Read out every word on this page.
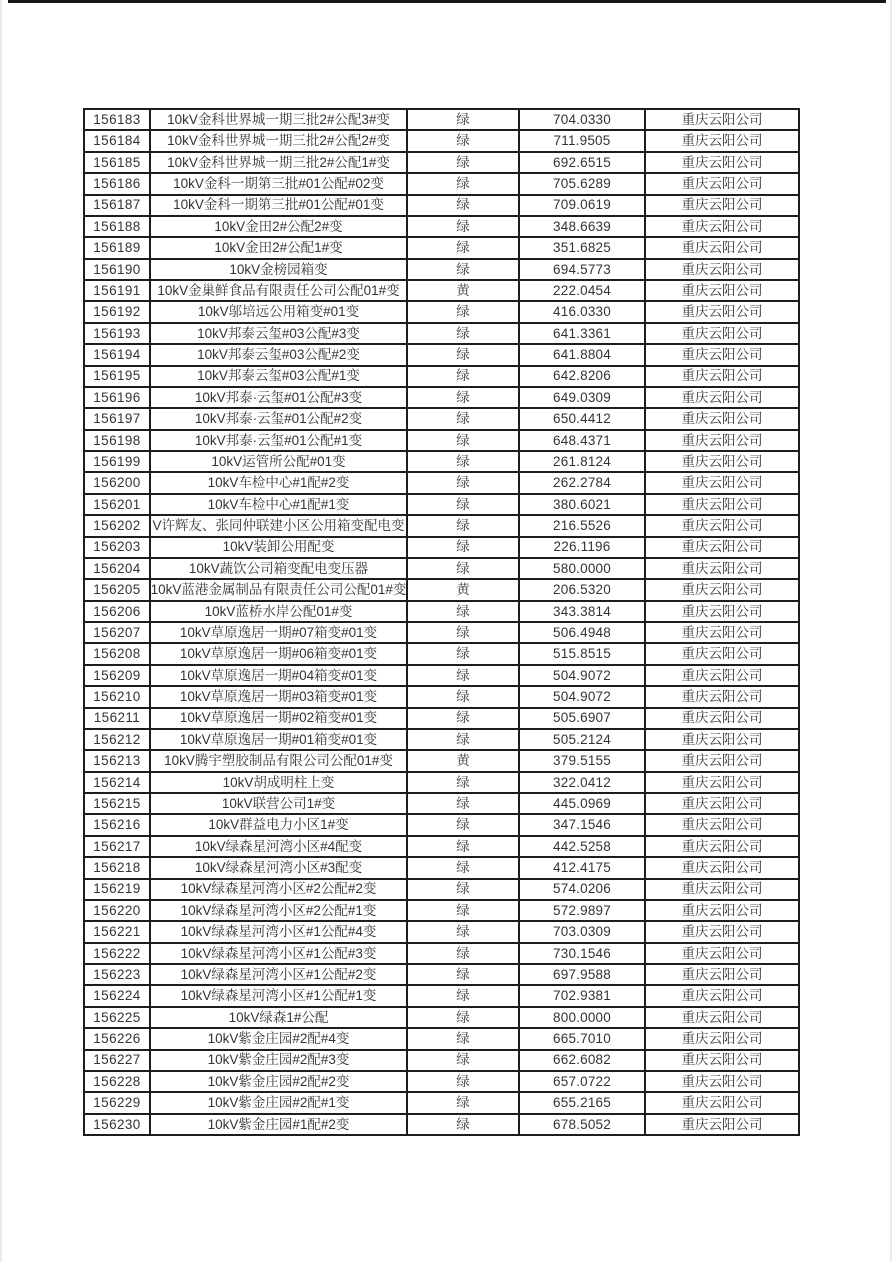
156183	10kV金科世界城一期三批2#公配3#变	绿	704.0330	重庆云阳公司
156184	10kV金科世界城一期三批2#公配2#变	绿	711.9505	重庆云阳公司
156185	10kV金科世界城一期三批2#公配1#变	绿	692.6515	重庆云阳公司
156186	10kV金科一期第三批#01公配#02变	绿	705.6289	重庆云阳公司
156187	10kV金科一期第三批#01公配#01变	绿	709.0619	重庆云阳公司
156188	10kV金田2#公配2#变	绿	348.6639	重庆云阳公司
156189	10kV金田2#公配1#变	绿	351.6825	重庆云阳公司
156190	10kV金榜园箱变	绿	694.5773	重庆云阳公司
156191	10kV金巢鲜食品有限责任公司公配01#变	黄	222.0454	重庆云阳公司
156192	10kV邬培远公用箱变#01变	绿	416.0330	重庆云阳公司
156193	10kV邦泰云玺#03公配#3变	绿	641.3361	重庆云阳公司
156194	10kV邦泰云玺#03公配#2变	绿	641.8804	重庆云阳公司
156195	10kV邦泰云玺#03公配#1变	绿	642.8206	重庆云阳公司
156196	10kV邦泰·云玺#01公配#3变	绿	649.0309	重庆云阳公司
156197	10kV邦泰·云玺#01公配#2变	绿	650.4412	重庆云阳公司
156198	10kV邦泰·云玺#01公配#1变	绿	648.4371	重庆云阳公司
156199	10kV运管所公配#01变	绿	261.8124	重庆云阳公司
156200	10kV车检中心#1配#2变	绿	262.2784	重庆云阳公司
156201	10kV车检中心#1配#1变	绿	380.6021	重庆云阳公司
156202 V许辉友、张同仲联建小区公用箱变配电变	绿	216.5526	重庆云阳公司
156203	10kV装卸公用配变	绿	226.1196	重庆云阳公司
156204	10kV蔬饮公司箱变配电变压器	绿	580.0000	重庆云阳公司
156205 10kV蓝港金属制品有限责任公司公配01#变	黄	206.5320	重庆云阳公司
156206	10kV蓝桥水岸公配01#变	绿	343.3814	重庆云阳公司
156207	10kV草原逸居一期#07箱变#01变	绿	506.4948	重庆云阳公司
156208	10kV草原逸居一期#06箱变#01变	绿	515.8515	重庆云阳公司
156209	10kV草原逸居一期#04箱变#01变	绿	504.9072	重庆云阳公司
156210	10kV草原逸居一期#03箱变#01变	绿	504.9072	重庆云阳公司
156211	10kV草原逸居一期#02箱变#01变	绿	505.6907	重庆云阳公司
156212	10kV草原逸居一期#01箱变#01变	绿	505.2124	重庆云阳公司
156213	10kV腾宇塑胶制品有限公司公配01#变	黄	379.5155	重庆云阳公司
156214	10kV胡成明柱上变	绿	322.0412	重庆云阳公司
156215	10kV联营公司1#变	绿	445.0969	重庆云阳公司
156216	10kV群益电力小区1#变	绿	347.1546	重庆云阳公司
156217	10kV绿森星河湾小区#4配变	绿	442.5258	重庆云阳公司
156218	10kV绿森星河湾小区#3配变	绿	412.4175	重庆云阳公司
156219	10kV绿森星河湾小区#2公配#2变	绿	574.0206	重庆云阳公司
156220	10kV绿森星河湾小区#2公配#1变	绿	572.9897	重庆云阳公司
156221	10kV绿森星河湾小区#1公配#4变	绿	703.0309	重庆云阳公司
156222	10kV绿森星河湾小区#1公配#3变	绿	730.1546	重庆云阳公司
156223	10kV绿森星河湾小区#1公配#2变	绿	697.9588	重庆云阳公司
156224	10kV绿森星河湾小区#1公配#1变	绿	702.9381	重庆云阳公司
156225	10kV绿森1#公配	绿	800.0000	重庆云阳公司
156226	10kV紫金庄园#2配#4变	绿	665.7010	重庆云阳公司
156227	10kV紫金庄园#2配#3变	绿	662.6082	重庆云阳公司
156228	10kV紫金庄园#2配#2变	绿	657.0722	重庆云阳公司
156229	10kV紫金庄园#2配#1变	绿	655.2165	重庆云阳公司
156230	10kV紫金庄园#1配#2变	绿	678.5052	重庆云阳公司
